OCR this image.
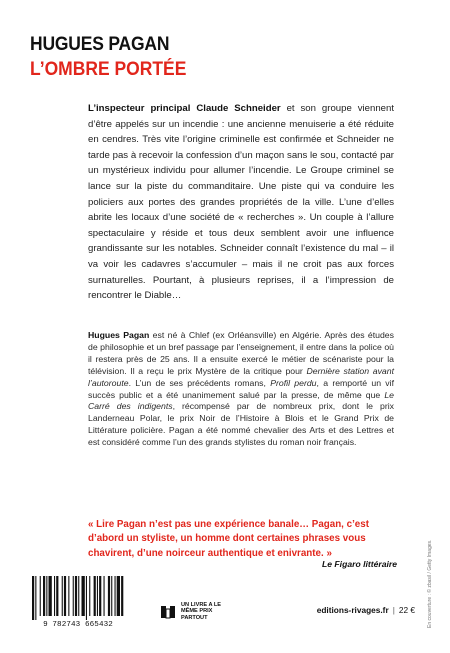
HUGUES PAGAN
L’OMBRE PORTÉE

L’inspecteur principal Claude Schneider et son groupe viennent d’être appelés sur un incendie : une ancienne menuiserie a été réduite en cendres. Très vite l’origine criminelle est confirmée et Schneider ne tarde pas à recevoir la confession d’un maçon sans le sou, contacté par un mystérieux individu pour allumer l’incendie. Le Groupe criminel se lance sur la piste du commanditaire. Une piste qui va conduire les policiers aux portes des grandes propriétés de la ville. L’une d’elles abrite les locaux d’une société de « recherches ». Un couple à l’allure spectaculaire y réside et tous deux semblent avoir une influence grandissante sur les notables. Schneider connaît l’existence du mal – il va voir les cadavres s’accumuler – mais il ne croit pas aux forces surnaturelles. Pourtant, à plusieurs reprises, il a l’impression de rencontrer le Diable…

Hugues Pagan est né à Chlef (ex Orléansville) en Algérie. Après des études de philosophie et un bref passage par l’enseignement, il entre dans la police où il restera près de 25 ans. Il a ensuite exercé le métier de scénariste pour la télévision. Il a reçu le prix Mystère de la critique pour Dernière station avant l’autoroute. L’un de ses précédents romans, Profil perdu, a remporté un vif succès public et a été unanimement salué par la presse, de même que Le Carré des indigents, récompensé par de nombreux prix, dont le prix Landerneau Polar, le prix Noir de l’Histoire à Blois et le Grand Prix de Littérature policière. Pagan a été nommé chevalier des Arts et des Lettres et est considéré comme l’un des grands stylistes du roman noir français.

« Lire Pagan n’est pas une expérience banale… Pagan, c’est d’abord un styliste, un homme dont certaines phrases vous chavirent, d’une noirceur authentique et enivrante. »
Le Figaro littéraire
9 782743 665432
UN LIVRE A LE MÊME PRIX PARTOUT
editions-rivages.fr | 22 € En couverture : © zbasil / Getty Images.
